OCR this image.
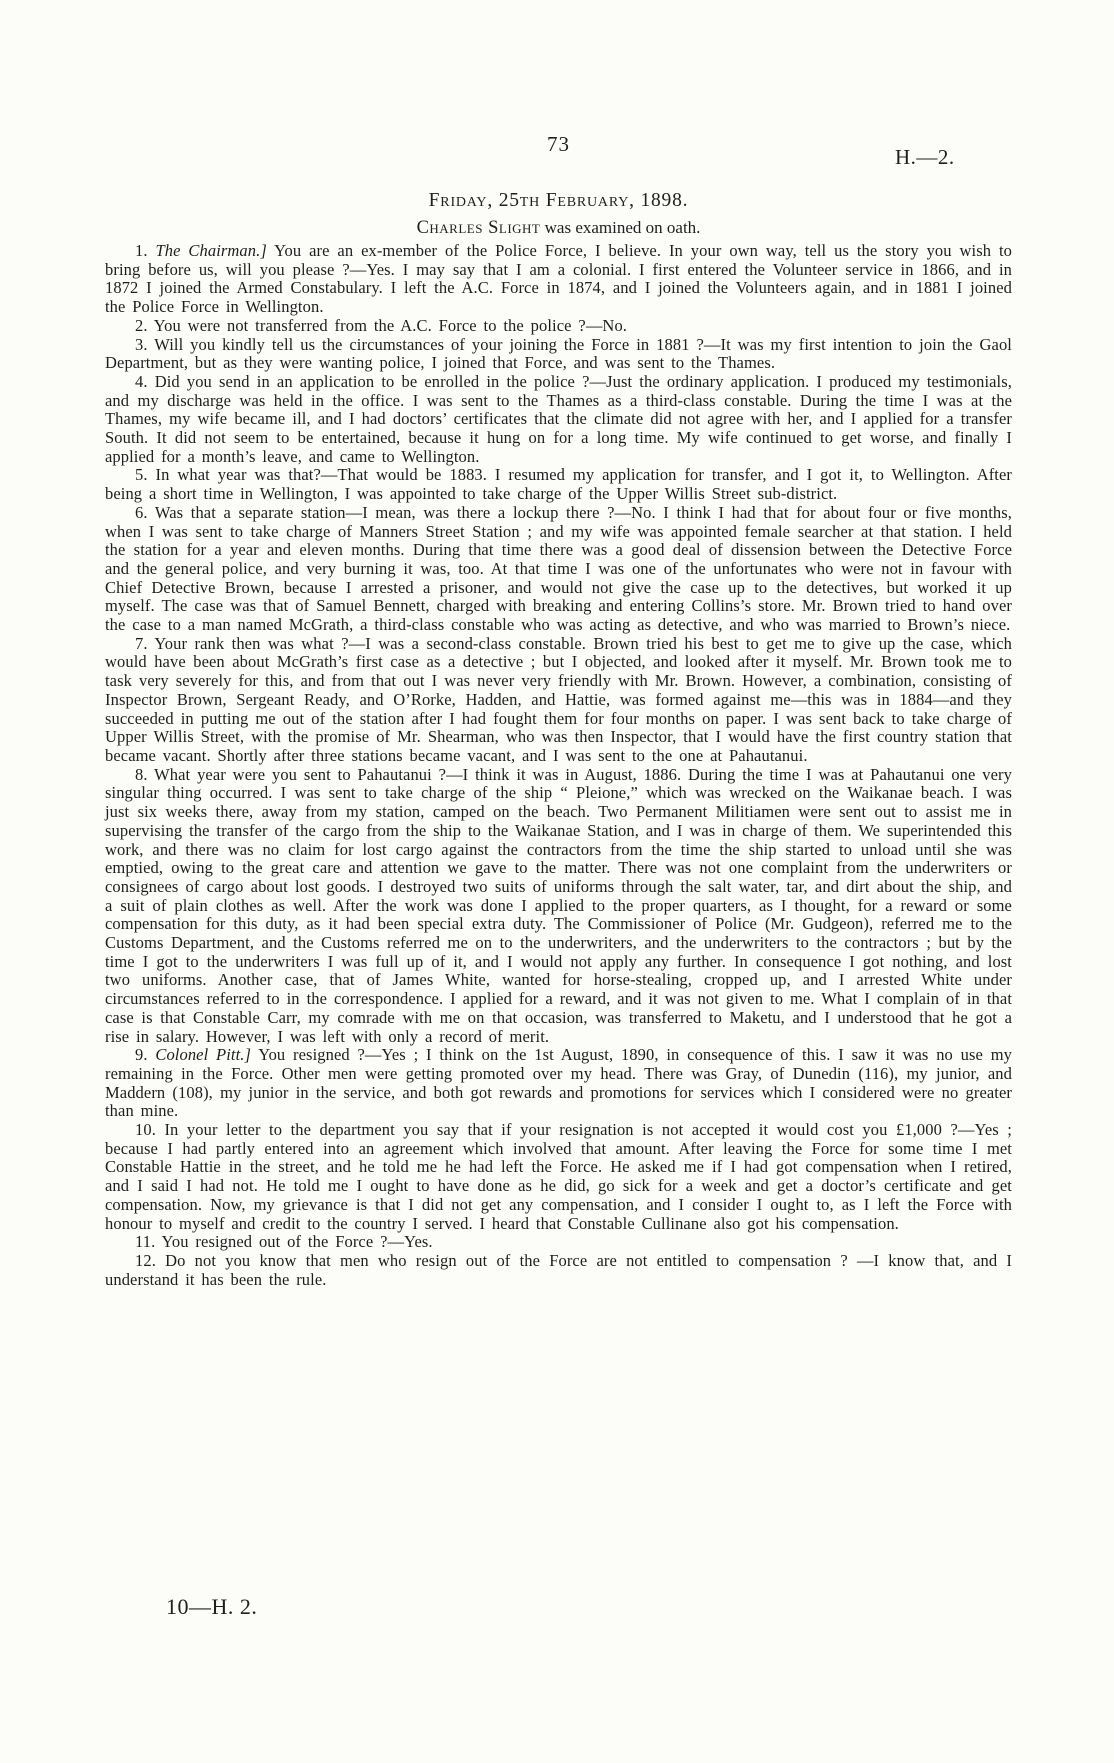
73
H.—2.
Friday, 25th February, 1898.
Charles Slight was examined on oath.

1. The Chairman.] You are an ex-member of the Police Force, I believe. In your own way, tell us the story you wish to bring before us, will you please ?—Yes. I may say that I am a colonial. I first entered the Volunteer service in 1866, and in 1872 I joined the Armed Constabulary. I left the A.C. Force in 1874, and I joined the Volunteers again, and in 1881 I joined the Police Force in Wellington.

2. You were not transferred from the A.C. Force to the police ?—No.

3. Will you kindly tell us the circumstances of your joining the Force in 1881 ?—It was my first intention to join the Gaol Department, but as they were wanting police, I joined that Force, and was sent to the Thames.

4. Did you send in an application to be enrolled in the police ?—Just the ordinary application. I produced my testimonials, and my discharge was held in the office. I was sent to the Thames as a third-class constable. During the time I was at the Thames, my wife became ill, and I had doctors’ certificates that the climate did not agree with her, and I applied for a transfer South. It did not seem to be entertained, because it hung on for a long time. My wife continued to get worse, and finally I applied for a month’s leave, and came to Wellington.

5. In what year was that?—That would be 1883. I resumed my application for transfer, and I got it, to Wellington. After being a short time in Wellington, I was appointed to take charge of the Upper Willis Street sub-district.

6. Was that a separate station—I mean, was there a lockup there ?—No. I think I had that for about four or five months, when I was sent to take charge of Manners Street Station ; and my wife was appointed female searcher at that station. I held the station for a year and eleven months. During that time there was a good deal of dissension between the Detective Force and the general police, and very burning it was, too. At that time I was one of the unfortunates who were not in favour with Chief Detective Brown, because I arrested a prisoner, and would not give the case up to the detectives, but worked it up myself. The case was that of Samuel Bennett, charged with breaking and entering Collins’s store. Mr. Brown tried to hand over the case to a man named McGrath, a third-class constable who was acting as detective, and who was married to Brown’s niece.

7. Your rank then was what ?—I was a second-class constable. Brown tried his best to get me to give up the case, which would have been about McGrath’s first case as a detective ; but I objected, and looked after it myself. Mr. Brown took me to task very severely for this, and from that out I was never very friendly with Mr. Brown. However, a combination, consisting of Inspector Brown, Sergeant Ready, and O’Rorke, Hadden, and Hattie, was formed against me—this was in 1884—and they succeeded in putting me out of the station after I had fought them for four months on paper. I was sent back to take charge of Upper Willis Street, with the promise of Mr. Shearman, who was then Inspector, that I would have the first country station that became vacant. Shortly after three stations became vacant, and I was sent to the one at Pahautanui.

8. What year were you sent to Pahautanui ?—I think it was in August, 1886. During the time I was at Pahautanui one very singular thing occurred. I was sent to take charge of the ship “ Pleione,” which was wrecked on the Waikanae beach. I was just six weeks there, away from my station, camped on the beach. Two Permanent Militiamen were sent out to assist me in supervising the transfer of the cargo from the ship to the Waikanae Station, and I was in charge of them. We superintended this work, and there was no claim for lost cargo against the contractors from the time the ship started to unload until she was emptied, owing to the great care and attention we gave to the matter. There was not one complaint from the underwriters or consignees of cargo about lost goods. I destroyed two suits of uniforms through the salt water, tar, and dirt about the ship, and a suit of plain clothes as well. After the work was done I applied to the proper quarters, as I thought, for a reward or some compensation for this duty, as it had been special extra duty. The Commissioner of Police (Mr. Gudgeon), referred me to the Customs Department, and the Customs referred me on to the underwriters, and the underwriters to the contractors ; but by the time I got to the underwriters I was full up of it, and I would not apply any further. In consequence I got nothing, and lost two uniforms. Another case, that of James White, wanted for horse-stealing, cropped up, and I arrested White under circumstances referred to in the correspondence. I applied for a reward, and it was not given to me. What I complain of in that case is that Constable Carr, my comrade with me on that occasion, was transferred to Maketu, and I understood that he got a rise in salary. However, I was left with only a record of merit.

9. Colonel Pitt.] You resigned ?—Yes ; I think on the 1st August, 1890, in consequence of this. I saw it was no use my remaining in the Force. Other men were getting promoted over my head. There was Gray, of Dunedin (116), my junior, and Maddern (108), my junior in the service, and both got rewards and promotions for services which I considered were no greater than mine.

10. In your letter to the department you say that if your resignation is not accepted it would cost you £1,000 ?—Yes ; because I had partly entered into an agreement which involved that amount. After leaving the Force for some time I met Constable Hattie in the street, and he told me he had left the Force. He asked me if I had got compensation when I retired, and I said I had not. He told me I ought to have done as he did, go sick for a week and get a doctor’s certificate and get compensation. Now, my grievance is that I did not get any compensation, and I consider I ought to, as I left the Force with honour to myself and credit to the country I served. I heard that Constable Cullinane also got his compensation.

11. You resigned out of the Force ?—Yes.

12. Do not you know that men who resign out of the Force are not entitled to compensation ? —I know that, and I understand it has been the rule.

10—H. 2.
